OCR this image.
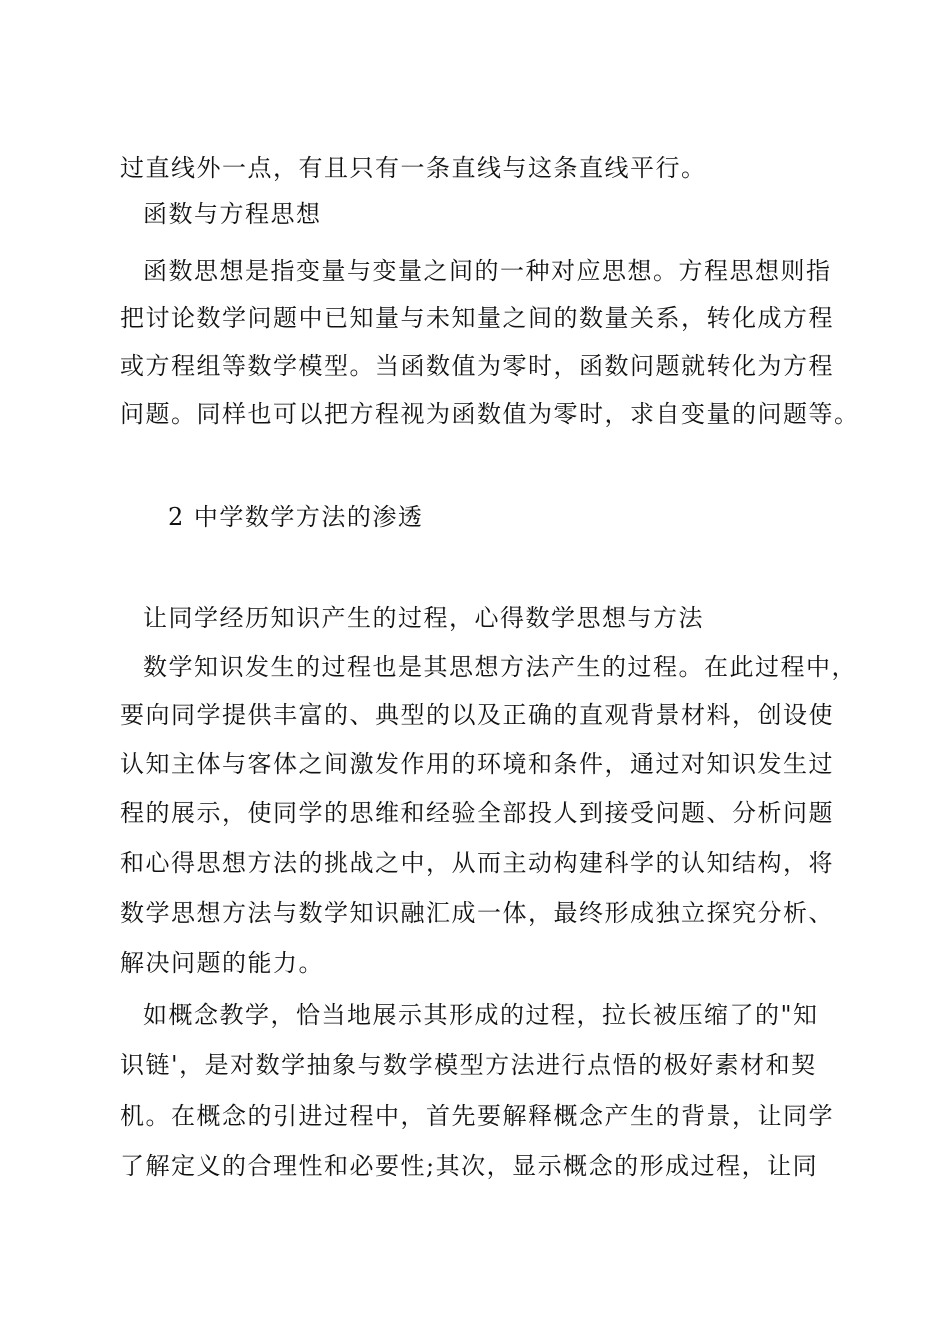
过直线外一点，有且只有一条直线与这条直线平行。
函数与方程思想
函数思想是指变量与变量之间的一种对应思想。方程思想则指
把讨论数学问题中已知量与未知量之间的数量关系，转化成方程
或方程组等数学模型。当函数值为零时，函数问题就转化为方程
问题。同样也可以把方程视为函数值为零时，求自变量的问题等。
2 中学数学方法的渗透
让同学经历知识产生的过程，心得数学思想与方法
数学知识发生的过程也是其思想方法产生的过程。在此过程中，
要向同学提供丰富的、典型的以及正确的直观背景材料，创设使
认知主体与客体之间激发作用的环境和条件，通过对知识发生过
程的展示，使同学的思维和经验全部投人到接受问题、分析问题
和心得思想方法的挑战之中，从而主动构建科学的认知结构，将
数学思想方法与数学知识融汇成一体，最终形成独立探究分析、
解决问题的能力。
如概念教学，恰当地展示其形成的过程，拉长被压缩了的"知
识链'，是对数学抽象与数学模型方法进行点悟的极好素材和契
机。在概念的引进过程中，首先要解释概念产生的背景，让同学
了解定义的合理性和必要性;其次，显示概念的形成过程，让同
